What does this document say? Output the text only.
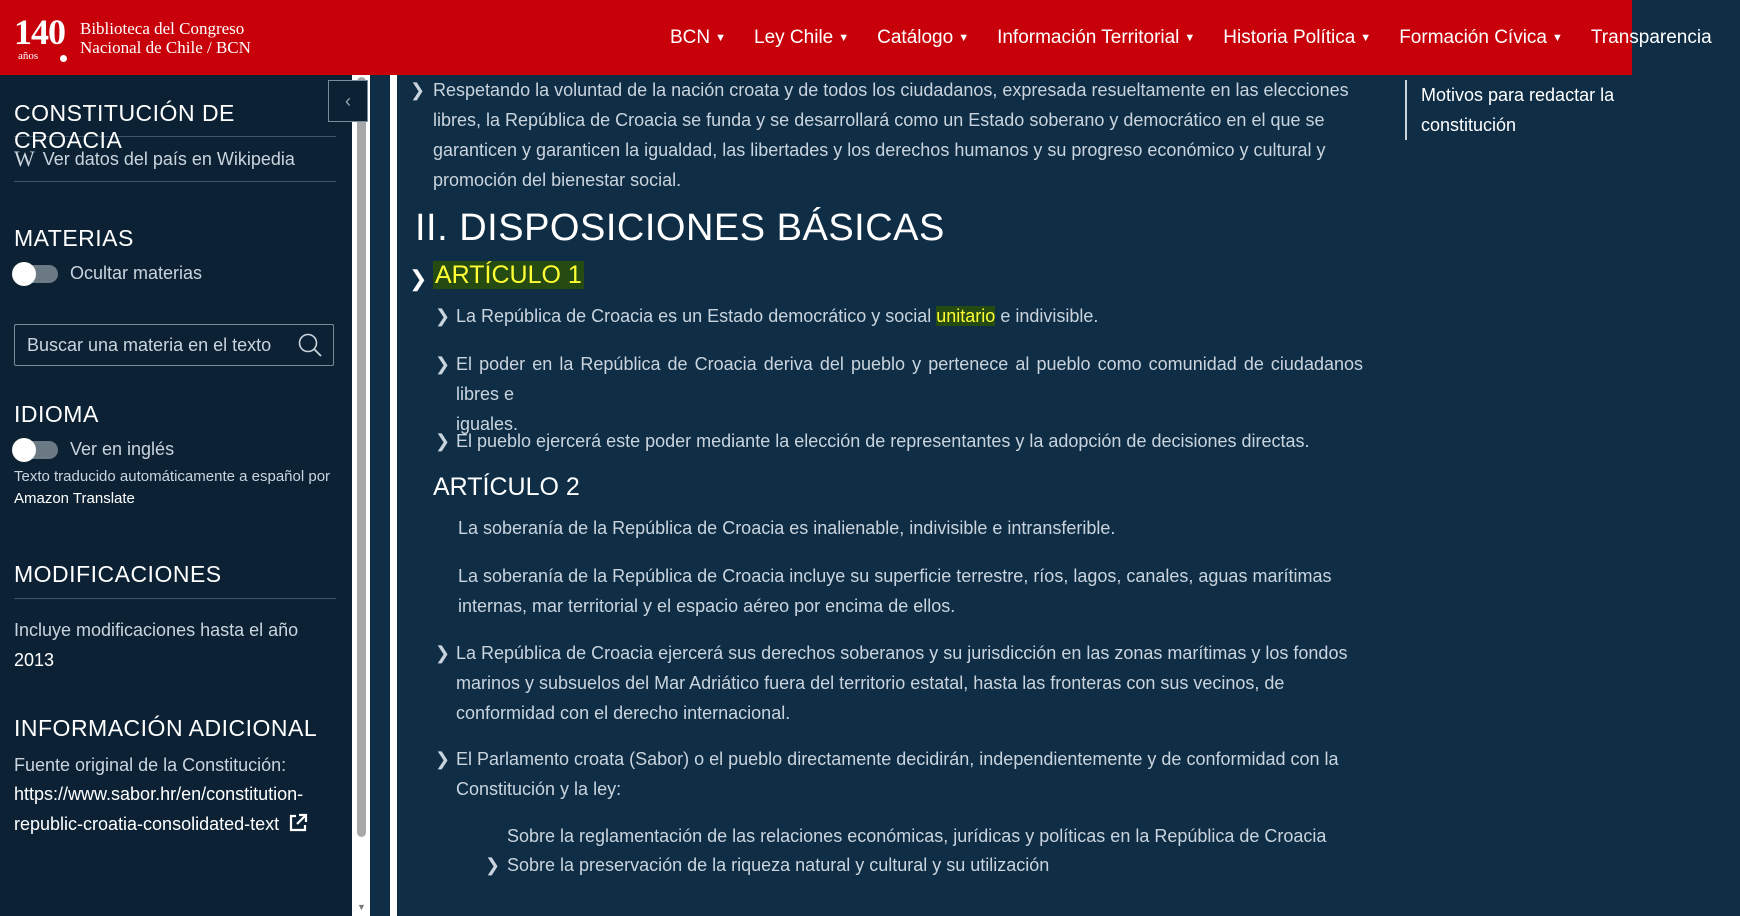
140
años
Biblioteca del Congreso
Nacional de Chile / BCN	BCN ▼ Ley Chile ▼ Catálogo ▼ Información Territorial ▼ Historia Política ▼ Formación Cívica ▼ Transparencia
CONSTITUCIÓN DE CROACIA
W Ver datos del país en Wikipedia
MATERIAS
Ocultar materias
Buscar una materia en el texto
IDIOMA
Ver en inglés
Texto traducido automáticamente a español por
Amazon Translate
MODIFICACIONES
Incluye modificaciones hasta el año
2013
INFORMACIÓN ADICIONAL
Fuente original de la Constitución:
https://www.sabor.hr/en/constitution-
republic-croatia-consolidated-text
▼
‹
❯ Respetando la voluntad de la nación croata y de todos los ciudadanos, expresada resueltamente en las elecciones
libres, la República de Croacia se funda y se desarrollará como un Estado soberano y democrático en el que se
garanticen y garanticen la igualdad, las libertades y los derechos humanos y su progreso económico y cultural y
promoción del bienestar social.
II. DISPOSICIONES BÁSICAS
❯ ARTÍCULO 1
❯ La República de Croacia es un Estado democrático y social unitario e indivisible.
❯ El poder en la República de Croacia deriva del pueblo y pertenece al pueblo como comunidad de ciudadanos libres e
iguales.
❯ El pueblo ejercerá este poder mediante la elección de representantes y la adopción de decisiones directas.
ARTÍCULO 2
La soberanía de la República de Croacia es inalienable, indivisible e intransferible.
La soberanía de la República de Croacia incluye su superficie terrestre, ríos, lagos, canales, aguas marítimas
internas, mar territorial y el espacio aéreo por encima de ellos.
❯ La República de Croacia ejercerá sus derechos soberanos y su jurisdicción en las zonas marítimas y los fondos
marinos y subsuelos del Mar Adriático fuera del territorio estatal, hasta las fronteras con sus vecinos, de
conformidad con el derecho internacional.
❯ El Parlamento croata (Sabor) o el pueblo directamente decidirán, independientemente y de conformidad con la
Constitución y la ley:
Sobre la reglamentación de las relaciones económicas, jurídicas y políticas en la República de Croacia
❯ Sobre la preservación de la riqueza natural y cultural y su utilización
Motivos para redactar la
constitución
